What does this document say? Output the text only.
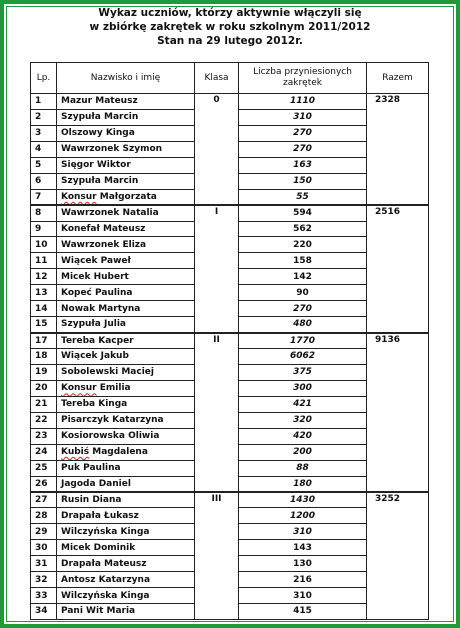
Wykaz uczniów, którzy aktywnie włączyli się
w zbiórkę zakrętek w roku szkolnym 2011/2012
Stan na 29 lutego 2012r.
Lp.	Nazwisko i imię	Klasa	Liczba przyniesionych
zakrętek	Razem
1	Mazur Mateusz	0	1110	2328
2	Szypuła Marcin		310	
3	Olszowy Kinga		270	
4	Wawrzonek Szymon		270	
5	Sięgor Wiktor		163	
6	Szypuła Marcin		150	
7	Konsur Małgorzata		55	
8	Wawrzonek Natalia	I	594	2516
9	Konefał Mateusz		562	
10	Wawrzonek Eliza		220	
11	Wiącek Paweł		158	
12	Micek Hubert		142	
13	Kopeć Paulina		90	
14	Nowak Martyna		270	
15	Szypuła Julia		480	
17	Tereba Kacper	II	1770	9136
18	Wiącek Jakub		6062	
19	Sobolewski Maciej		375	
20	Konsur Emilia		300	
21	Tereba Kinga		421	
22	Pisarczyk Katarzyna		320	
23	Kosiorowska Oliwia		420	
24	Kubiś Magdalena		200	
25	Puk Paulina		88	
26	Jagoda Daniel		180	
27	Rusin Diana	III	1430	3252
28	Drapała Łukasz		1200	
29	Wilczyńska Kinga		310	
30	Micek Dominik		143	
31	Drapała Mateusz		130	
32	Antosz Katarzyna		216	
33	Wilczyńska Kinga		310	
34	Pani Wit Maria		415	
